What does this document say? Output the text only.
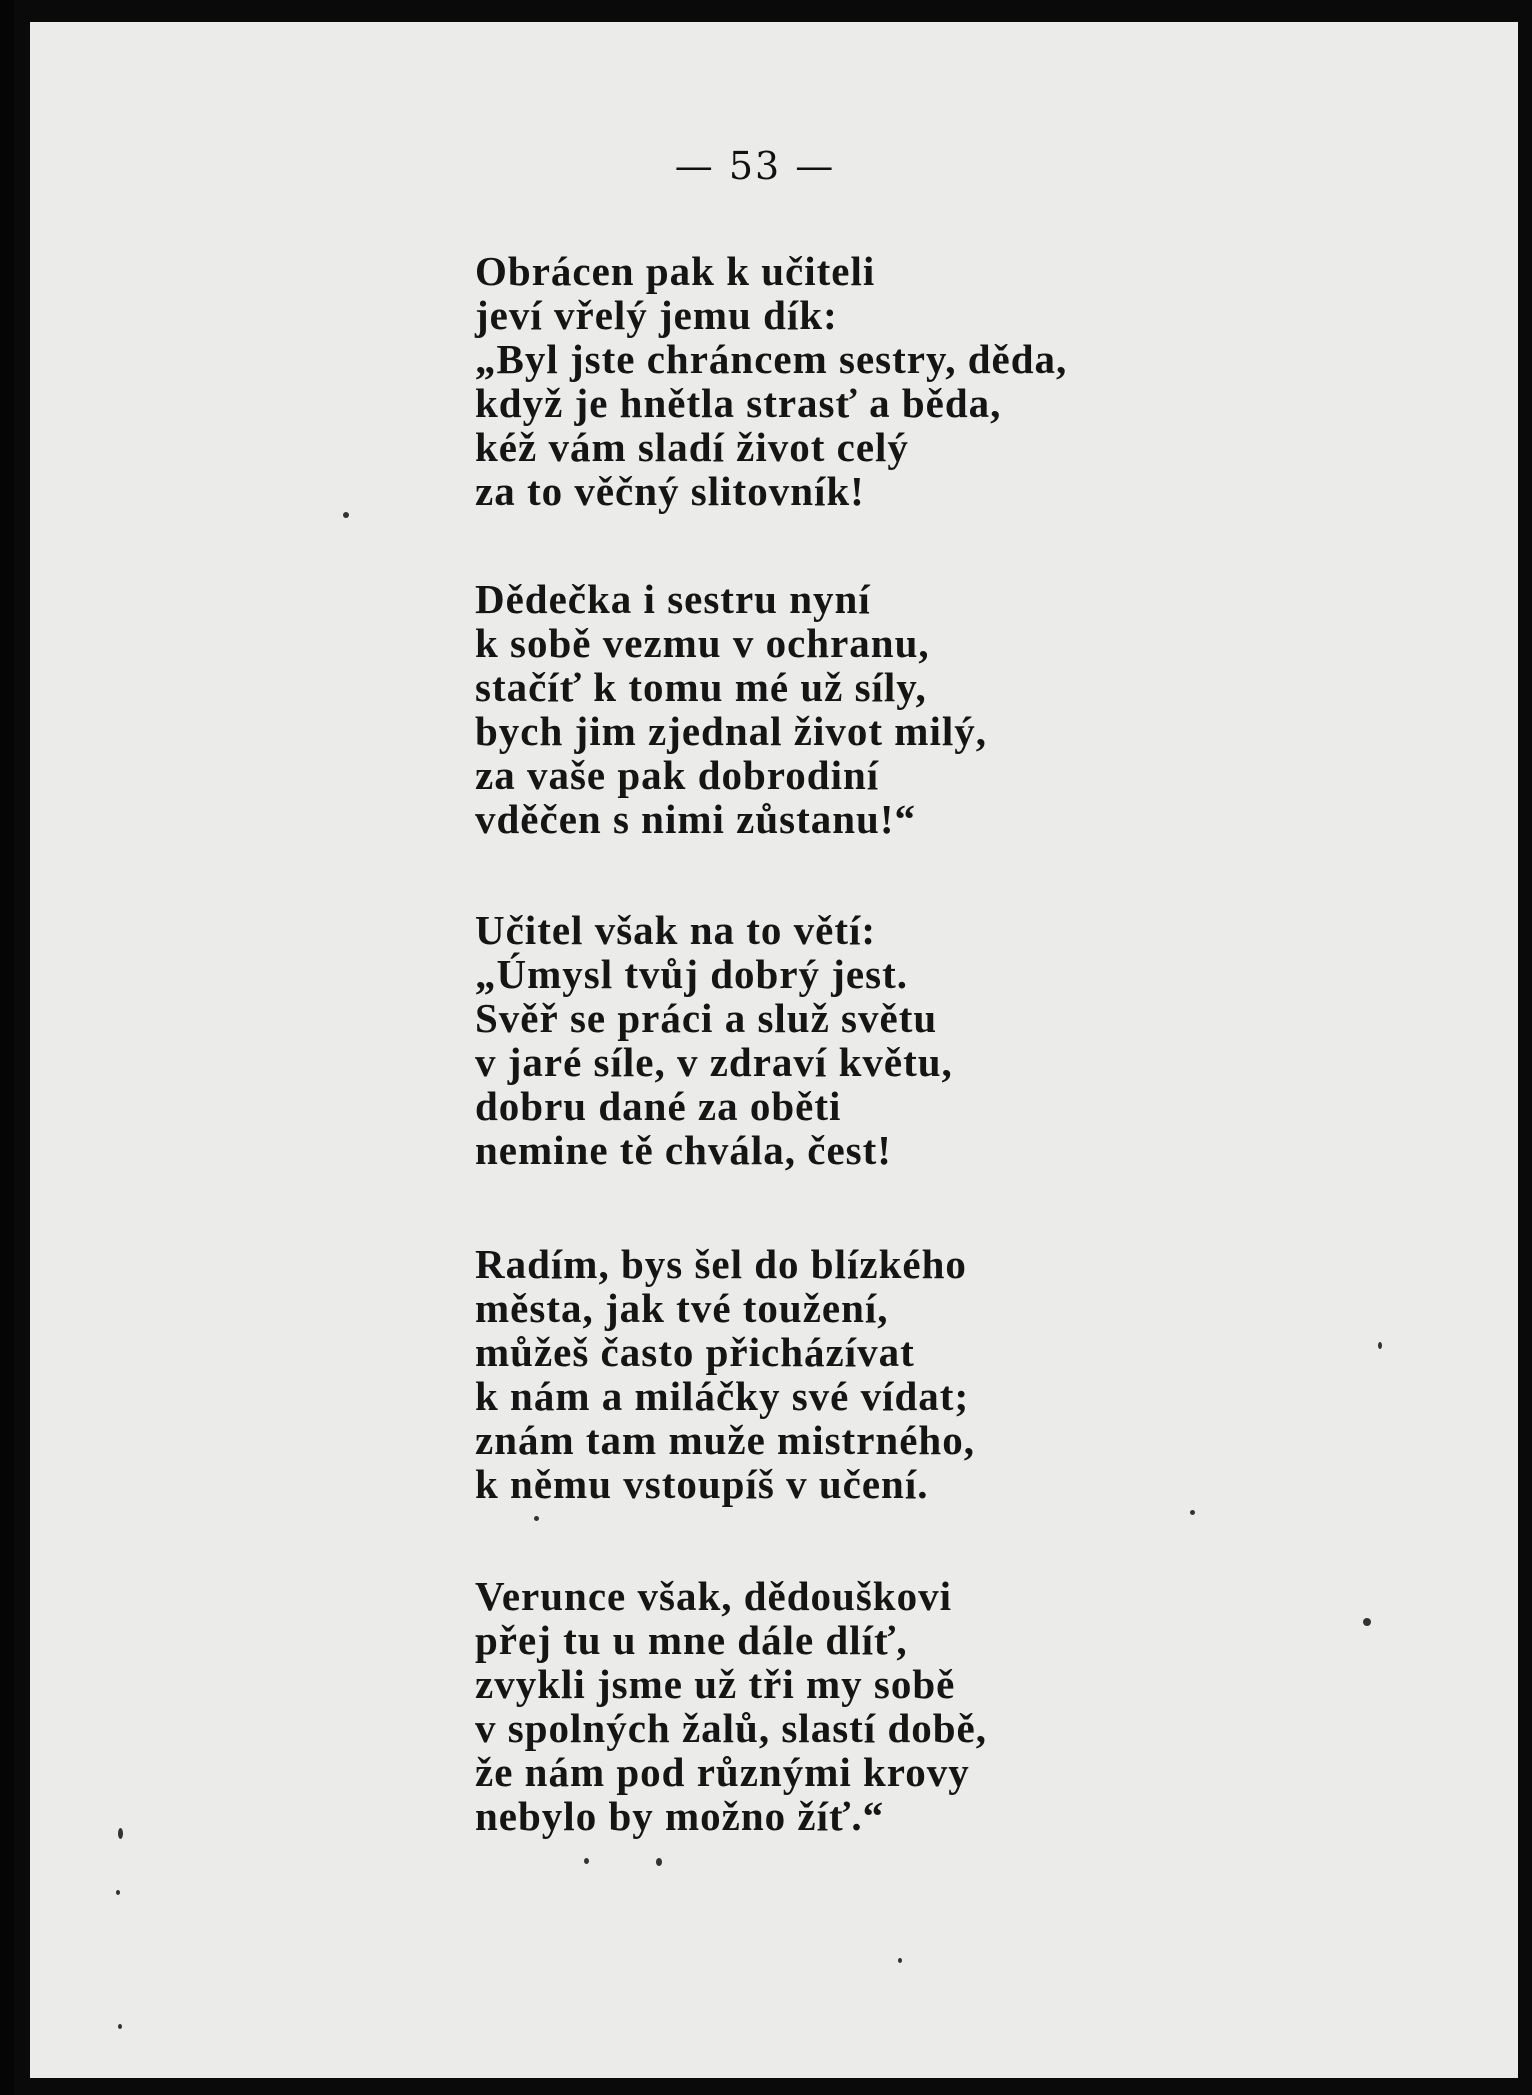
— 53 —
Obrácen pak k učiteli
jeví vřelý jemu dík:
„Byl jste chráncem sestry, děda,
když je hnětla strasť a běda,
kéž vám sladí život celý
za to věčný slitovník!
Dědečka i sestru nyní
k sobě vezmu v ochranu,
stačíť k tomu mé už síly,
bych jim zjednal život milý,
za vaše pak dobrodiní
vděčen s nimi zůstanu!“
Učitel však na to větí:
„Úmysl tvůj dobrý jest.
Svěř se práci a služ světu
v jaré síle, v zdraví květu,
dobru dané za oběti
nemine tě chvála, čest!
Radím, bys šel do blízkého
města, jak tvé toužení,
můžeš často přicházívat
k nám a miláčky své vídat;
znám tam muže mistrného,
k němu vstoupíš v učení.
Verunce však, dědouškovi
přej tu u mne dále dlíť,
zvykli jsme už tři my sobě
v spolných žalů, slastí době,
že nám pod různými krovy
nebylo by možno žíť.“
